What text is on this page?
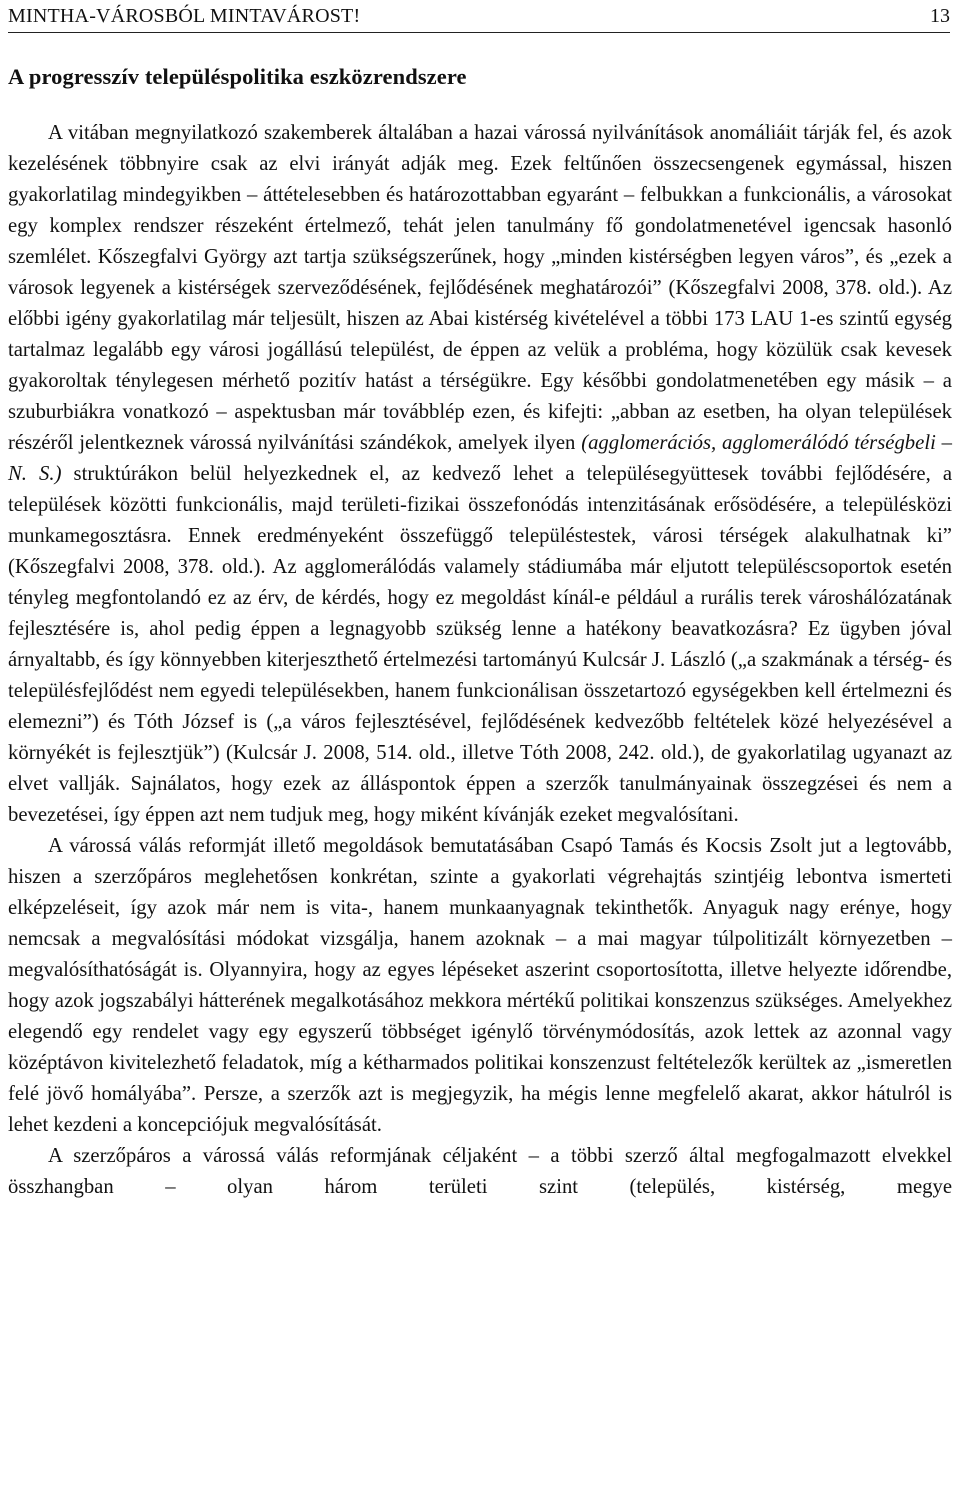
MINTHA-VÁROSBÓL MINTAVÁROST!	13
A progresszív településpolitika eszközrendszere

A vitában megnyilatkozó szakemberek általában a hazai várossá nyilvánítások anomáliáit tárják fel, és azok kezelésének többnyire csak az elvi irányát adják meg. Ezek feltűnően összecsengenek egymással, hiszen gyakorlatilag mindegyikben – áttételesebben és határozottabban egyaránt – felbukkan a funkcionális, a városokat egy komplex rendszer részeként értelmező, tehát jelen tanulmány fő gondolatmenetével igencsak hasonló szemlélet. Kőszegfalvi György azt tartja szükségszerűnek, hogy „minden kistérségben legyen város”, és „ezek a városok legyenek a kistérségek szerveződésének, fejlődésének meghatározói” (Kőszegfalvi 2008, 378. old.). Az előbbi igény gyakorlatilag már teljesült, hiszen az Abai kistérség kivételével a többi 173 LAU 1-es szintű egység tartalmaz legalább egy városi jogállású települést, de éppen az velük a probléma, hogy közülük csak kevesek gyakoroltak ténylegesen mérhető pozitív hatást a térségükre. Egy későbbi gondolatmenetében egy másik – a szuburbiákra vonatkozó – aspektusban már továbblép ezen, és kifejti: „abban az esetben, ha olyan települések részéről jelentkeznek várossá nyilvánítási szándékok, amelyek ilyen (agglomerációs, agglomerálódó térségbeli – N. S.) struktúrákon belül helyezkednek el, az kedvező lehet a településegyüttesek további fejlődésére, a települések közötti funkcionális, majd területi-fizikai összefonódás intenzitásának erősödésére, a településközi munkamegosztásra. Ennek eredményeként összefüggő településtestek, városi térségek alakulhatnak ki” (Kőszegfalvi 2008, 378. old.). Az agglomerálódás valamely stádiumába már eljutott településcsoportok esetén tényleg megfontolandó ez az érv, de kérdés, hogy ez megoldást kínál-e például a rurális terek városhálózatának fejlesztésére is, ahol pedig éppen a legnagyobb szükség lenne a hatékony beavatkozásra? Ez ügyben jóval árnyaltabb, és így könnyebben kiterjeszthető értelmezési tartományú Kulcsár J. László („a szakmának a térség- és településfejlődést nem egyedi településekben, hanem funkcionálisan összetartozó egységekben kell értelmezni és elemezni”) és Tóth József is („a város fejlesztésével, fejlődésének kedvezőbb feltételek közé helyezésével a környékét is fejlesztjük”) (Kulcsár J. 2008, 514. old., illetve Tóth 2008, 242. old.), de gyakorlatilag ugyanazt az elvet vallják. Sajnálatos, hogy ezek az álláspontok éppen a szerzők tanulmányainak összegzései és nem a bevezetései, így éppen azt nem tudjuk meg, hogy miként kívánják ezeket megvalósítani.

A várossá válás reformját illető megoldások bemutatásában Csapó Tamás és Kocsis Zsolt jut a legtovább, hiszen a szerzőpáros meglehetősen konkrétan, szinte a gyakorlati végrehajtás szintjéig lebontva ismerteti elképzeléseit, így azok már nem is vita-, hanem munkaanyagnak tekinthetők. Anyaguk nagy erénye, hogy nemcsak a megvalósítási módokat vizsgálja, hanem azoknak – a mai magyar túlpolitizált környezetben – megvalósíthatóságát is. Olyannyira, hogy az egyes lépéseket aszerint csoportosította, illetve helyezte időrendbe, hogy azok jogszabályi hátterének megalkotásához mekkora mértékű politikai konszenzus szükséges. Amelyekhez elegendő egy rendelet vagy egy egyszerű többséget igénylő törvénymódosítás, azok lettek az azonnal vagy középtávon kivitelezhető feladatok, míg a kétharmados politikai konszenzust feltételezők kerültek az „ismeretlen felé jövő homályába”. Persze, a szerzők azt is megjegyzik, ha mégis lenne megfelelő akarat, akkor hátulról is lehet kezdeni a koncepciójuk megvalósítását.

A szerzőpáros a várossá válás reformjának céljaként – a többi szerző által megfogalmazott elvekkel összhangban – olyan három területi szint (település, kistérség, megye
